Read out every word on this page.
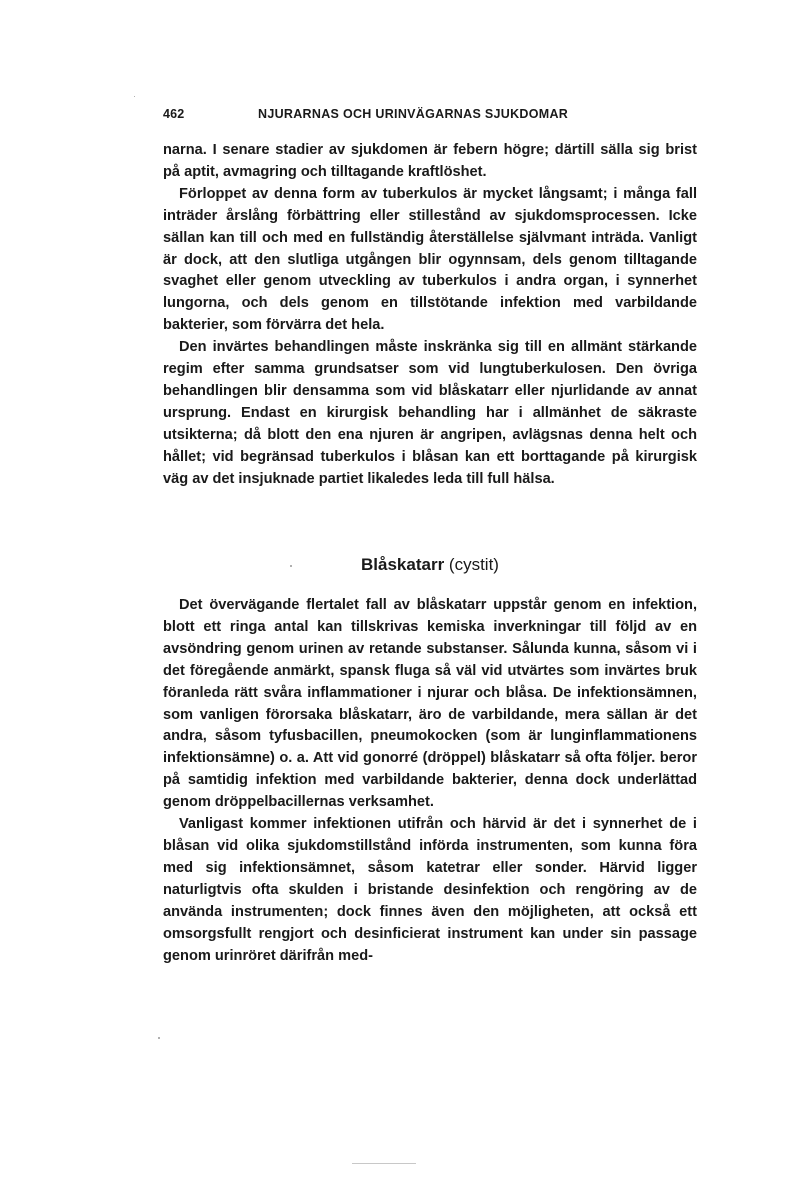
462	NJURARNAS OCH URINVÄGARNAS SJUKDOMAR

narna. I senare stadier av sjukdomen är febern högre; därtill sälla sig brist på aptit, avmagring och tilltagande kraftlöshet.

Förloppet av denna form av tuberkulos är mycket långsamt; i många fall inträder årslång förbättring eller stillestånd av sjukdomsprocessen. Icke sällan kan till och med en fullständig återställelse självmant inträda. Vanligt är dock, att den slutliga utgången blir ogynnsam, dels genom tilltagande svaghet eller genom utveckling av tuberkulos i andra organ, i synnerhet lungorna, och dels genom en tillstötande infektion med varbildande bakterier, som förvärra det hela.

Den invärtes behandlingen måste inskränka sig till en allmänt stärkande regim efter samma grundsatser som vid lungtuberkulosen. Den övriga behandlingen blir densamma som vid blåskatarr eller njurlidande av annat ursprung. Endast en kirurgisk behandling har i allmänhet de säkraste utsikterna; då blott den ena njuren är angripen, avlägsnas denna helt och hållet; vid begränsad tuberkulos i blåsan kan ett borttagande på kirurgisk väg av det insjuknade partiet likaledes leda till full hälsa.

Blåskatarr (cystit)

Det övervägande flertalet fall av blåskatarr uppstår genom en infektion, blott ett ringa antal kan tillskrivas kemiska inverkningar till följd av en avsöndring genom urinen av retande substanser. Sålunda kunna, såsom vi i det föregående anmärkt, spansk fluga så väl vid utvärtes som invärtes bruk föranleda rätt svåra inflammationer i njurar och blåsa. De infektionsämnen, som vanligen förorsaka blåskatarr, äro de varbildande, mera sällan är det andra, såsom tyfusbacillen, pneumokocken (som är lunginflammationens infektionsämne) o. a. Att vid gonorré (dröppel) blåskatarr så ofta följer. beror på samtidig infektion med varbildande bakterier, denna dock underlättad genom dröppelbacillernas verksamhet.

Vanligast kommer infektionen utifrån och härvid är det i synnerhet de i blåsan vid olika sjukdomstillstånd införda instrumenten, som kunna föra med sig infektionsämnet, såsom katetrar eller sonder. Härvid ligger naturligtvis ofta skulden i bristande desinfektion och rengöring av de använda instrumenten; dock finnes även den möjligheten, att också ett omsorgsfullt rengjort och desinficierat instrument kan under sin passage genom urinröret därifrån med-
